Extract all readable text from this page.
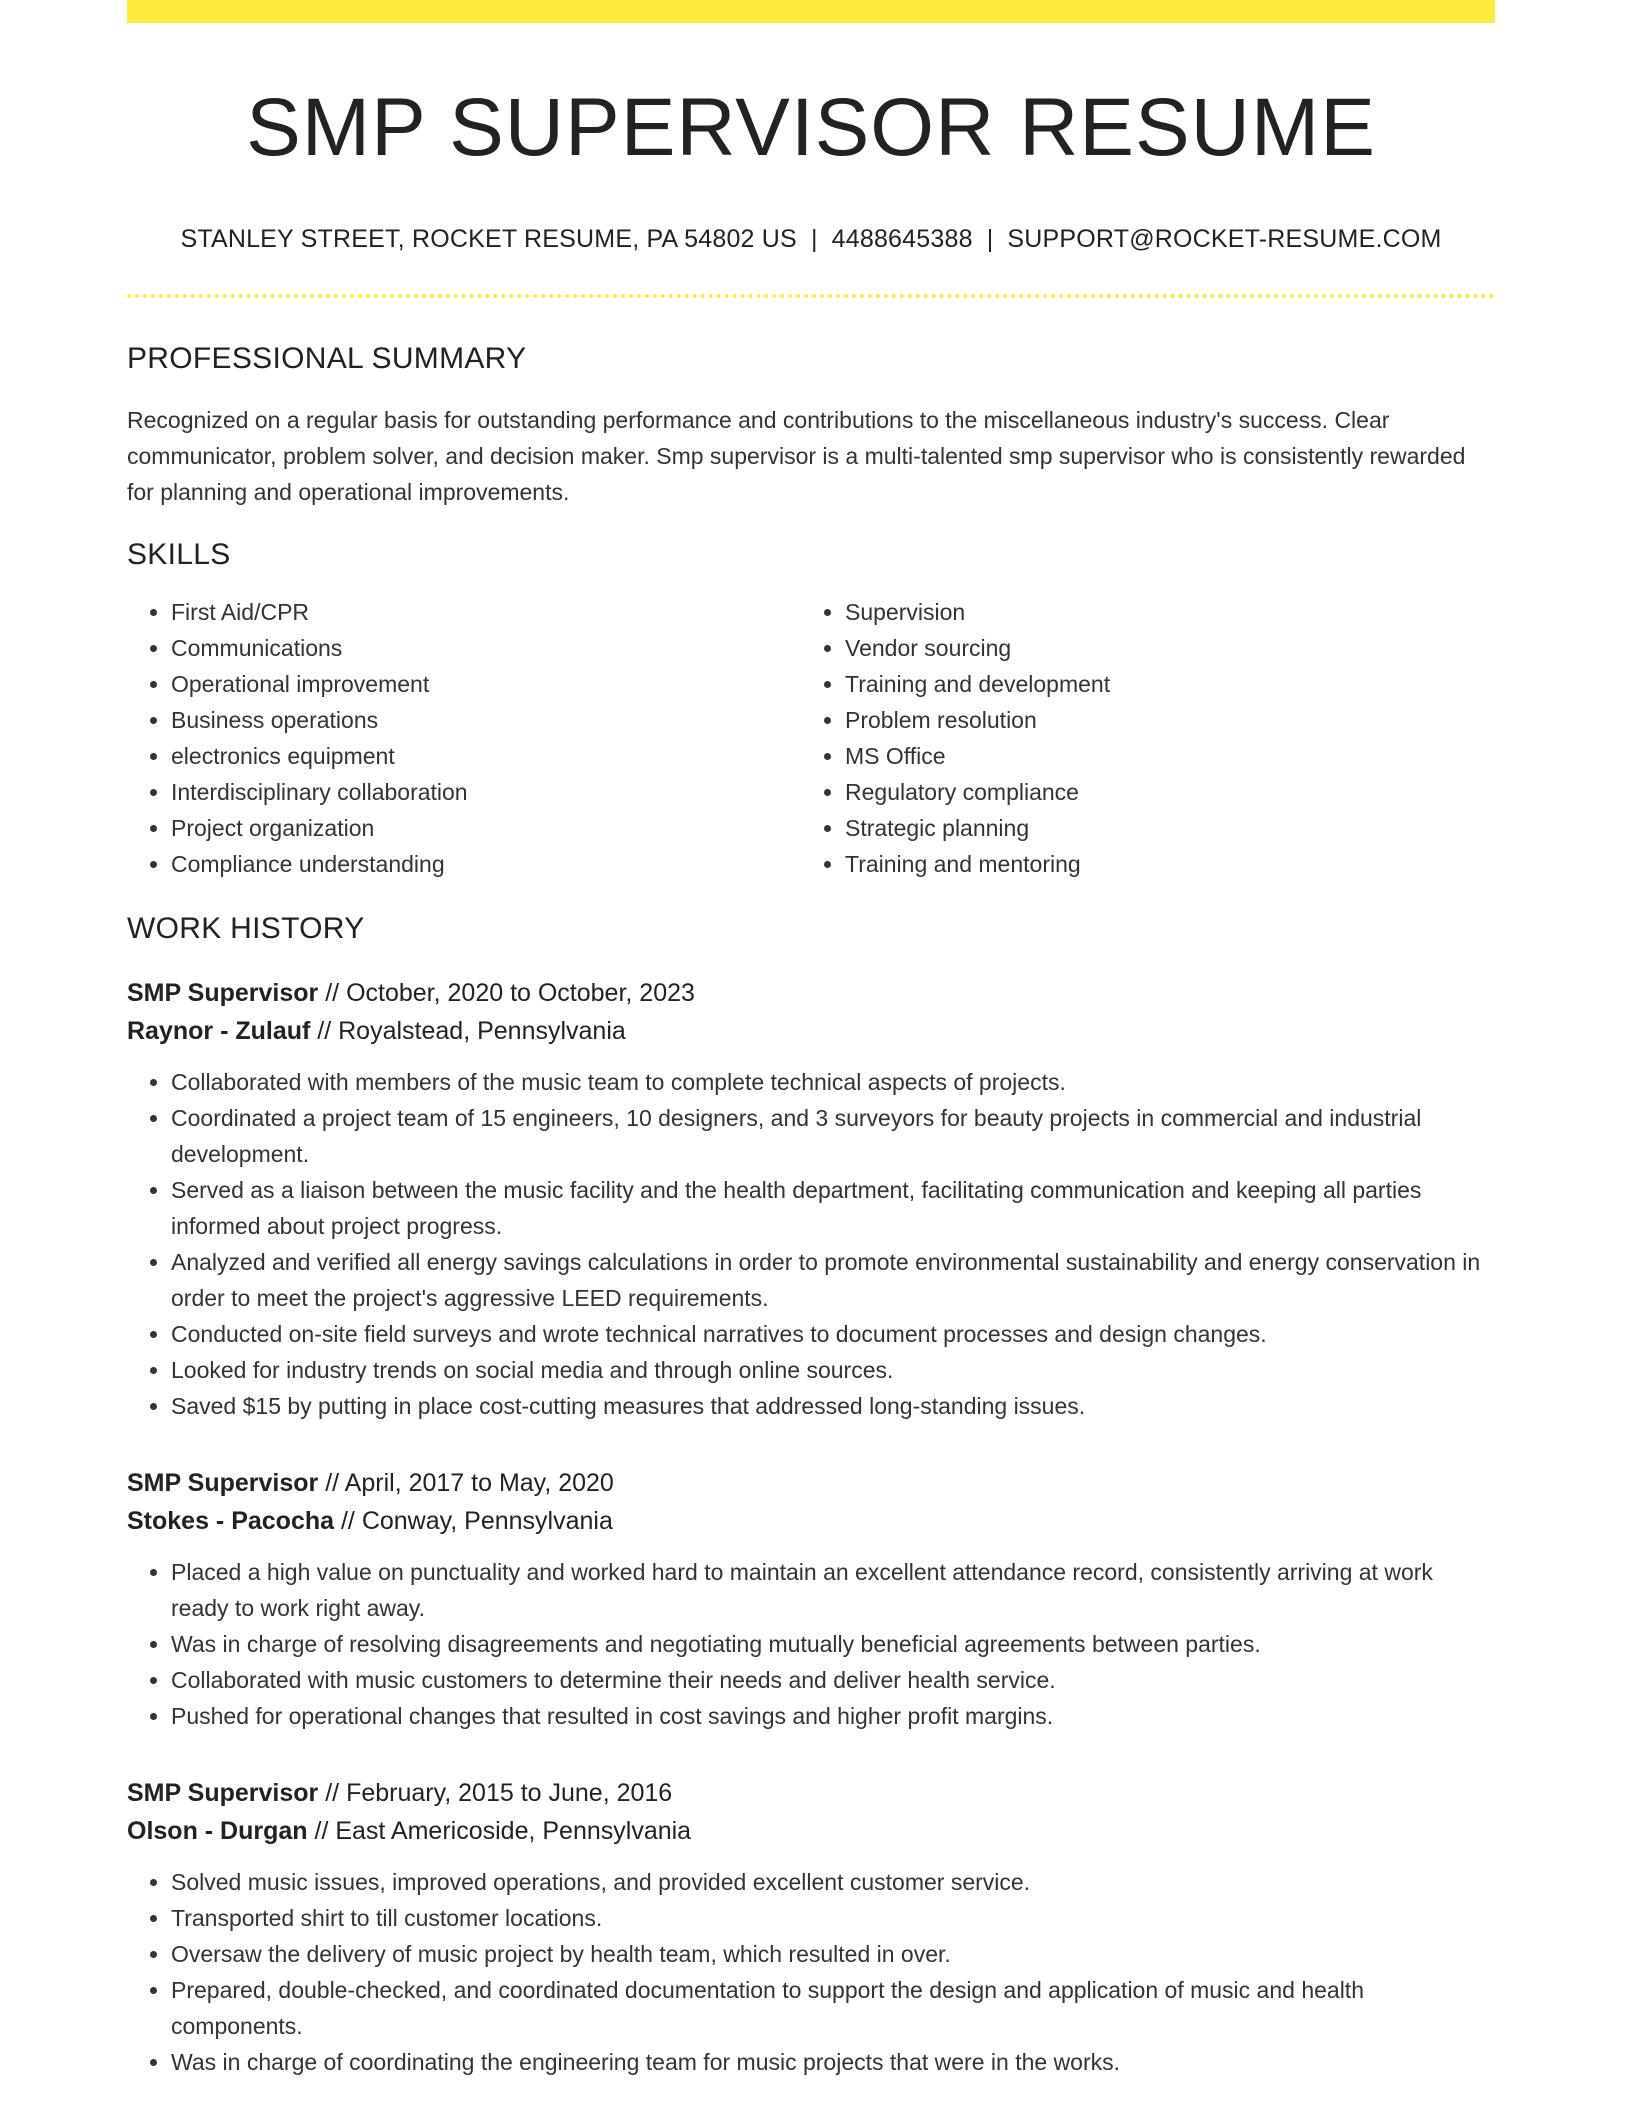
SMP SUPERVISOR RESUME
STANLEY STREET, ROCKET RESUME, PA 54802 US | 4488645388 | SUPPORT@ROCKET-RESUME.COM
PROFESSIONAL SUMMARY
Recognized on a regular basis for outstanding performance and contributions to the miscellaneous industry's success. Clear communicator, problem solver, and decision maker. Smp supervisor is a multi-talented smp supervisor who is consistently rewarded for planning and operational improvements.
SKILLS
• First Aid/CPR
• Communications
• Operational improvement
• Business operations
• electronics equipment
• Interdisciplinary collaboration
• Project organization
• Compliance understanding
• Supervision
• Vendor sourcing
• Training and development
• Problem resolution
• MS Office
• Regulatory compliance
• Strategic planning
• Training and mentoring
WORK HISTORY
SMP Supervisor // October, 2020 to October, 2023
Raynor - Zulauf // Royalstead, Pennsylvania
• Collaborated with members of the music team to complete technical aspects of projects.
• Coordinated a project team of 15 engineers, 10 designers, and 3 surveyors for beauty projects in commercial and industrial development.
• Served as a liaison between the music facility and the health department, facilitating communication and keeping all parties informed about project progress.
• Analyzed and verified all energy savings calculations in order to promote environmental sustainability and energy conservation in order to meet the project's aggressive LEED requirements.
• Conducted on-site field surveys and wrote technical narratives to document processes and design changes.
• Looked for industry trends on social media and through online sources.
• Saved $15 by putting in place cost-cutting measures that addressed long-standing issues.
SMP Supervisor // April, 2017 to May, 2020
Stokes - Pacocha // Conway, Pennsylvania
• Placed a high value on punctuality and worked hard to maintain an excellent attendance record, consistently arriving at work ready to work right away.
• Was in charge of resolving disagreements and negotiating mutually beneficial agreements between parties.
• Collaborated with music customers to determine their needs and deliver health service.
• Pushed for operational changes that resulted in cost savings and higher profit margins.
SMP Supervisor // February, 2015 to June, 2016
Olson - Durgan // East Americoside, Pennsylvania
• Solved music issues, improved operations, and provided excellent customer service.
• Transported shirt to till customer locations.
• Oversaw the delivery of music project by health team, which resulted in over.
• Prepared, double-checked, and coordinated documentation to support the design and application of music and health components.
• Was in charge of coordinating the engineering team for music projects that were in the works.
